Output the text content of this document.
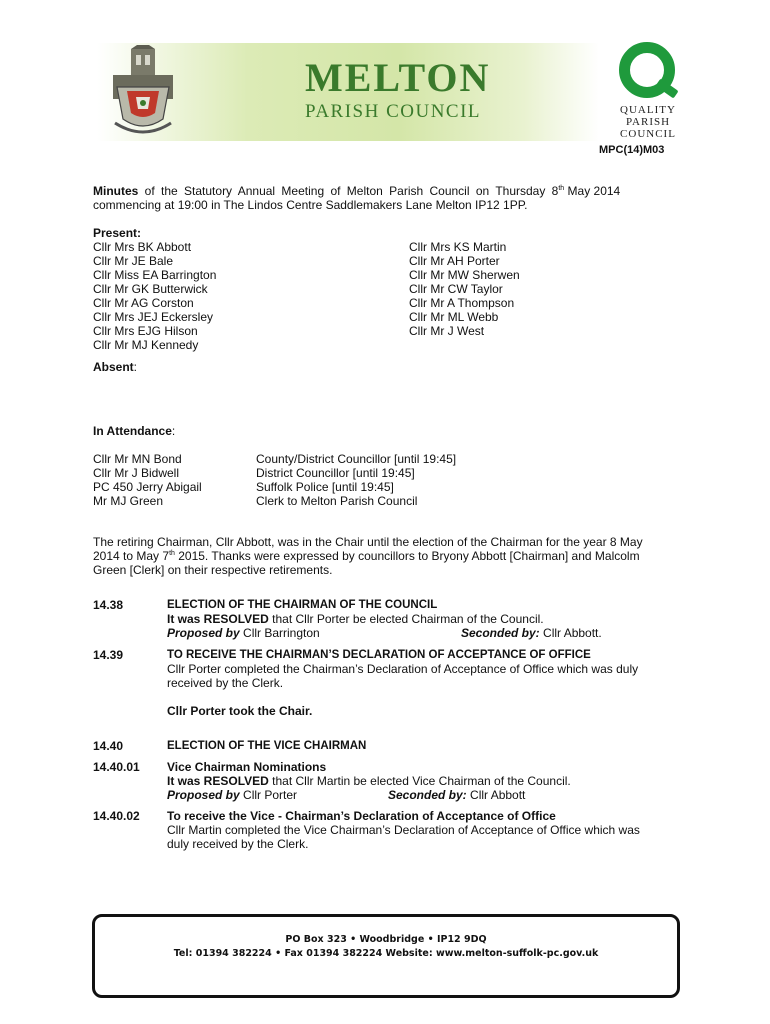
MELTON
PARISH COUNCIL	QUALITY
PARISH
COUNCIL
MPC(14)M03
Minutes of the Statutory Annual Meeting of Melton Parish Council on Thursday 8th May 2014
commencing at 19:00 in The Lindos Centre Saddlemakers Lane Melton IP12 1PP.
Present:
Cllr Mrs BK Abbott
Cllr Mr JE Bale
Cllr Miss EA Barrington
Cllr Mr GK Butterwick
Cllr Mr AG Corston
Cllr Mrs JEJ Eckersley
Cllr Mrs EJG Hilson
Cllr Mr MJ Kennedy
Cllr Mrs KS Martin
Cllr Mr AH Porter
Cllr Mr MW Sherwen
Cllr Mr CW Taylor
Cllr Mr A Thompson
Cllr Mr ML Webb
Cllr Mr J West
Absent:
In Attendance:
Cllr Mr MN Bond	County/District Councillor [until 19:45]
Cllr Mr J Bidwell	District Councillor [until 19:45]
PC 450 Jerry Abigail	Suffolk Police [until 19:45]
Mr MJ Green	Clerk to Melton Parish Council
The retiring Chairman, Cllr Abbott, was in the Chair until the election of the Chairman for the year 8 May
2014 to May 7th 2015. Thanks were expressed by councillors to Bryony Abbott [Chairman] and Malcolm
Green [Clerk] on their respective retirements.
14.38	ELECTION OF THE CHAIRMAN OF THE COUNCIL
It was RESOLVED that Cllr Porter be elected Chairman of the Council.
Proposed by Cllr Barrington	Seconded by: Cllr Abbott.
14.39	TO RECEIVE THE CHAIRMAN’S DECLARATION OF ACCEPTANCE OF OFFICE
Cllr Porter completed the Chairman’s Declaration of Acceptance of Office which was duly
received by the Clerk.
Cllr Porter took the Chair.
14.40	ELECTION OF THE VICE CHAIRMAN
14.40.01 Vice Chairman Nominations
It was RESOLVED that Cllr Martin be elected Vice Chairman of the Council.
Proposed by Cllr Porter	Seconded by: Cllr Abbott
14.40.02 To receive the Vice - Chairman’s Declaration of Acceptance of Office
Cllr Martin completed the Vice Chairman’s Declaration of Acceptance of Office which was
duly received by the Clerk.
PO Box 323 • Woodbridge • IP12 9DQ
Tel: 01394 382224 • Fax 01394 382224 Website: www.melton-suffolk-pc.gov.uk
